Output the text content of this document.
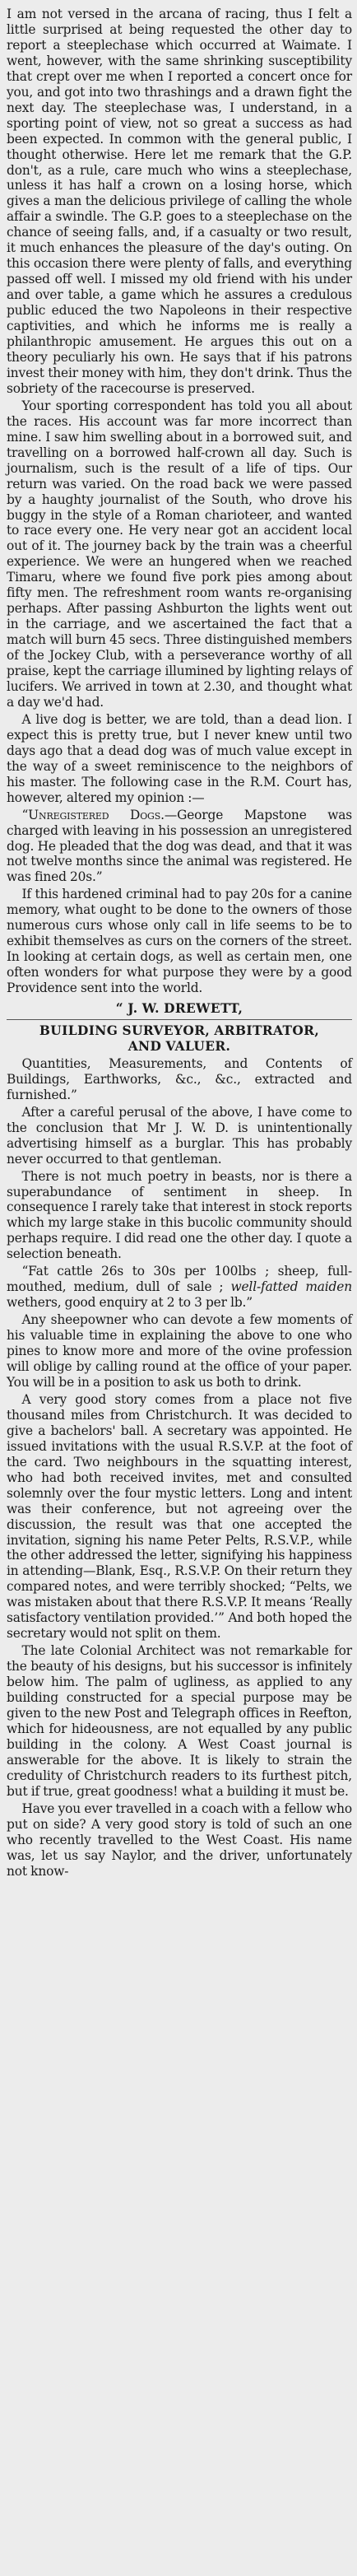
I am not versed in the arcana of racing, thus I felt a little surprised at being requested the other day to report a steeplechase which occurred at Waimate. I went, however, with the same shrinking susceptibility that crept over me when I reported a concert once for you, and got into two thrashings and a drawn fight the next day. The steeplechase was, I understand, in a sporting point of view, not so great a success as had been expected. In common with the general public, I thought otherwise. Here let me remark that the G.P. don't, as a rule, care much who wins a steeplechase, unless it has half a crown on a losing horse, which gives a man the delicious privilege of calling the whole affair a swindle. The G.P. goes to a steeplechase on the chance of seeing falls, and, if a casualty or two result, it much enhances the pleasure of the day's outing. On this occasion there were plenty of falls, and everything passed off well. I missed my old friend with his under and over table, a game which he assures a credulous public educed the two Napoleons in their respective captivities, and which he informs me is really a philanthropic amusement. He argues this out on a theory peculiarly his own. He says that if his patrons invest their money with him, they don't drink. Thus the sobriety of the racecourse is preserved.

Your sporting correspondent has told you all about the races. His account was far more incorrect than mine. I saw him swelling about in a borrowed suit, and travelling on a borrowed half-crown all day. Such is journalism, such is the result of a life of tips. Our return was varied. On the road back we were passed by a haughty journalist of the South, who drove his buggy in the style of a Roman charioteer, and wanted to race every one. He very near got an accident local out of it. The journey back by the train was a cheerful experience. We were an hungered when we reached Timaru, where we found five pork pies among about fifty men. The refreshment room wants re-organising perhaps. After passing Ashburton the lights went out in the carriage, and we ascertained the fact that a match will burn 45 secs. Three distinguished members of the Jockey Club, with a perseverance worthy of all praise, kept the carriage illumined by lighting relays of lucifers. We arrived in town at 2.30, and thought what a day we'd had.

A live dog is better, we are told, than a dead lion. I expect this is pretty true, but I never knew until two days ago that a dead dog was of much value except in the way of a sweet reminiscence to the neighbors of his master. The following case in the R.M. Court has, however, altered my opinion :—

“Unregistered Dogs.—George Mapstone was charged with leaving in his possession an unregistered dog. He pleaded that the dog was dead, and that it was not twelve months since the animal was registered. He was fined 20s.”

If this hardened criminal had to pay 20s for a canine memory, what ought to be done to the owners of those numerous curs whose only call in life seems to be to exhibit themselves as curs on the corners of the street. In looking at certain dogs, as well as certain men, one often wonders for what purpose they were by a good Providence sent into the world.

“ J. W. DREWETT,

BUILDING SURVEYOR, ARBITRATOR,

AND VALUER.

Quantities, Measurements, and Contents of Buildings, Earthworks, &c., &c., extracted and furnished.”

After a careful perusal of the above, I have come to the conclusion that Mr J. W. D. is unintentionally advertising himself as a burglar. This has probably never occurred to that gentleman.

There is not much poetry in beasts, nor is there a superabundance of sentiment in sheep. In consequence I rarely take that interest in stock reports which my large stake in this bucolic community should perhaps require. I did read one the other day. I quote a selection beneath.

“Fat cattle 26s to 30s per 100lbs ; sheep, full-mouthed, medium, dull of sale ; well-fatted maiden wethers, good enquiry at 2 to 3 per lb.”

Any sheepowner who can devote a few moments of his valuable time in explaining the above to one who pines to know more and more of the ovine profession will oblige by calling round at the office of your paper. You will be in a position to ask us both to drink.

A very good story comes from a place not five thousand miles from Christchurch. It was decided to give a bachelors' ball. A secretary was appointed. He issued invitations with the usual R.S.V.P. at the foot of the card. Two neighbours in the squatting interest, who had both received invites, met and consulted solemnly over the four mystic letters. Long and intent was their conference, but not agreeing over the discussion, the result was that one accepted the invitation, signing his name Peter Pelts, R.S.V.P., while the other addressed the letter, signifying his happiness in attending—Blank, Esq., R.S.V.P. On their return they compared notes, and were terribly shocked; “Pelts, we was mistaken about that there R.S.V.P. It means ‘Really satisfactory ventilation provided.’” And both hoped the secretary would not split on them.

The late Colonial Architect was not remarkable for the beauty of his designs, but his successor is infinitely below him. The palm of ugliness, as applied to any building constructed for a special purpose may be given to the new Post and Telegraph offices in Reefton, which for hideousness, are not equalled by any public building in the colony. A West Coast journal is answerable for the above. It is likely to strain the credulity of Christchurch readers to its furthest pitch, but if true, great goodness! what a building it must be.

Have you ever travelled in a coach with a fellow who put on side? A very good story is told of such an one who recently travelled to the West Coast. His name was, let us say Naylor, and the driver, unfortunately not know-
